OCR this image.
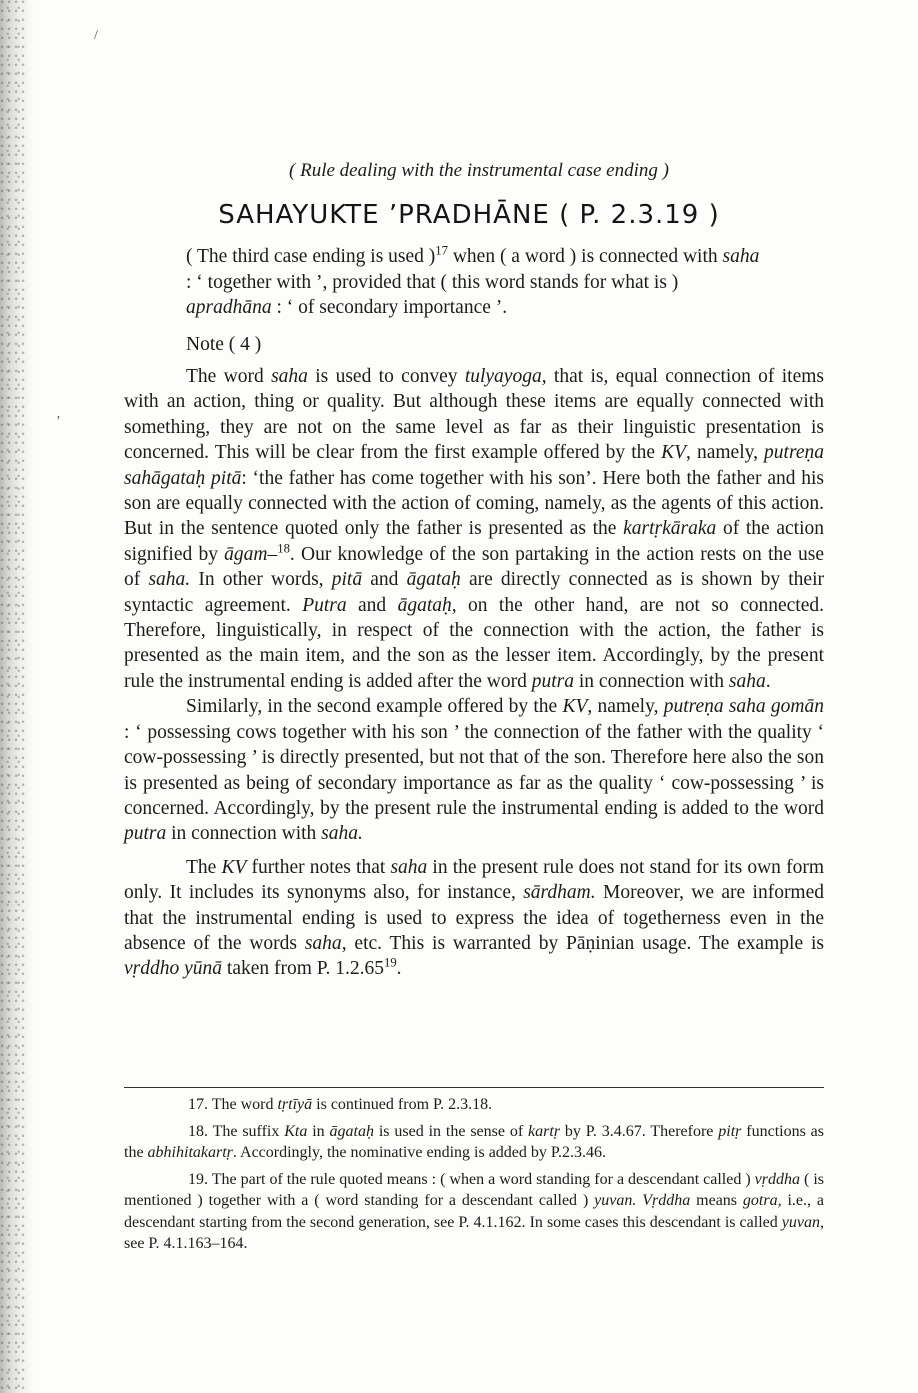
/
’
( Rule dealing with the instrumental case ending )
SAHAYUKTE ’PRADHĀNE ( P. 2.3.19 )
( The third case ending is used )$^{17}$ when ( a word ) is connected with saha : ‘ together with ’, provided that ( this word stands for what is ) apradhāna : ‘ of secondary importance ’.
Note ( 4 )

The word saha is used to convey tulyayoga, that is, equal connection of items with an action, thing or quality. But although these items are equally connected with something, they are not on the same level as far as their linguistic presentation is concerned. This will be clear from the first example offered by the KV, namely, putreṇa sahāgataḥ pitā: ‘the father has come together with his son’. Here both the father and his son are equally connected with the action of coming, namely, as the agents of this action. But in the sentence quoted only the father is presented as the kartṛkāraka of the action signified by āgam–$^{18}$. Our knowledge of the son partaking in the action rests on the use of saha. In other words, pitā and āgataḥ are directly connected as is shown by their syntactic agreement. Putra and āgataḥ, on the other hand, are not so connected. Therefore, linguistically, in respect of the connection with the action, the father is presented as the main item, and the son as the lesser item. Accordingly, by the present rule the instrumental ending is added after the word putra in connection with saha.

Similarly, in the second example offered by the KV, namely, putreṇa saha gomān : ‘ possessing cows together with his son ’ the connection of the father with the quality ‘ cow-possessing ’ is directly presented, but not that of the son. Therefore here also the son is presented as being of secondary importance as far as the quality ‘ cow-possessing ’ is concerned. Accordingly, by the present rule the instrumental ending is added to the word putra in connection with saha.

The KV further notes that saha in the present rule does not stand for its own form only. It includes its synonyms also, for instance, sārdham. Moreover, we are informed that the instrumental ending is used to express the idea of togetherness even in the absence of the words saha, etc. This is warranted by Pāṇinian usage. The example is vṛddho yūnā taken from P. 1.2.65$^{19}$.

17. The word tṛtīyā is continued from P. 2.3.18.

18. The suffix Kta in āgataḥ is used in the sense of kartṛ by P. 3.4.67. Therefore pitṛ functions as the abhihitakartṛ. Accordingly, the nominative ending is added by P.2.3.46.

19. The part of the rule quoted means : ( when a word standing for a descendant called ) vṛddha ( is mentioned ) together with a ( word standing for a descendant called ) yuvan. Vṛddha means gotra, i.e., a descendant starting from the second generation, see P. 4.1.162. In some cases this descendant is called yuvan, see P. 4.1.163–164.
